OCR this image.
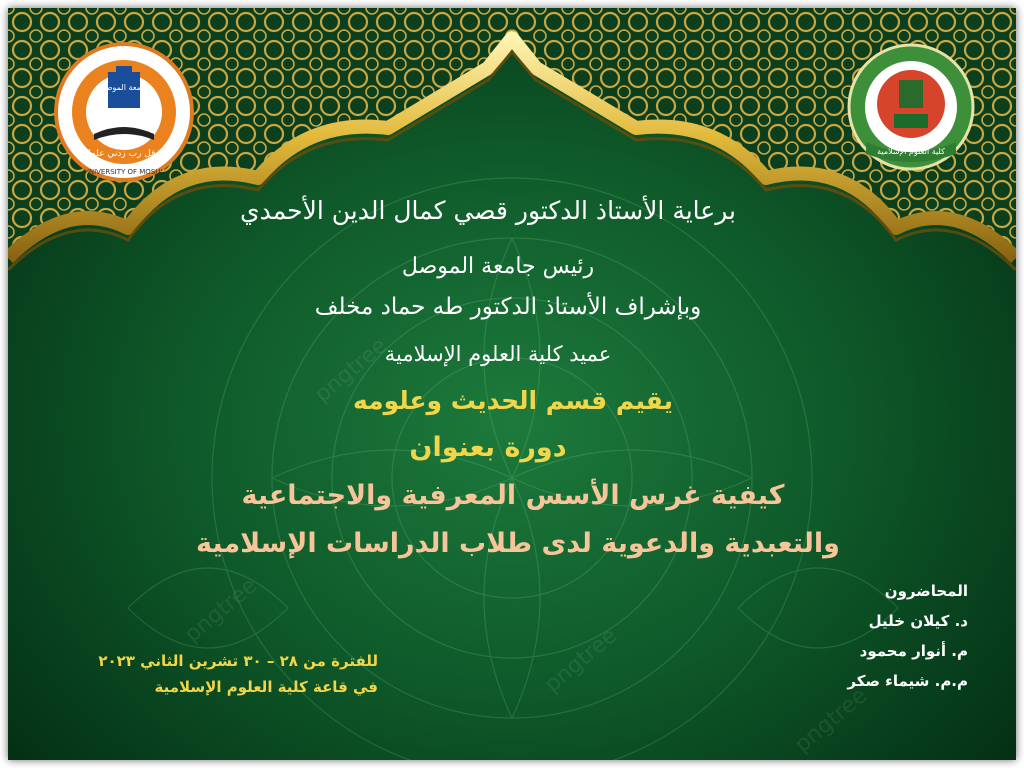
UNIVERSITY OF MOSUL
وقل رب زدني علما
جامعة الموصل
كلية العلوم الإسلامية
pngtree
pngtree
pngtree
pngtree
برعاية الأستاذ الدكتور قصي كمال الدين الأحمدي
رئيس جامعة الموصل
وبإشراف الأستاذ الدكتور طه حماد مخلف
عميد كلية العلوم الإسلامية
يقيم قسم الحديث وعلومه
دورة بعنوان
كيفية غرس الأسس المعرفية والاجتماعية
والتعبدية والدعوية لدى طلاب الدراسات الإسلامية
المحاضرون
د. كيلان خليل
م. أنوار محمود
م.م. شيماء صكر
للفترة من ٢٨ – ٣٠ تشرين الثاني ٢٠٢٣
في قاعة كلية العلوم الإسلامية
